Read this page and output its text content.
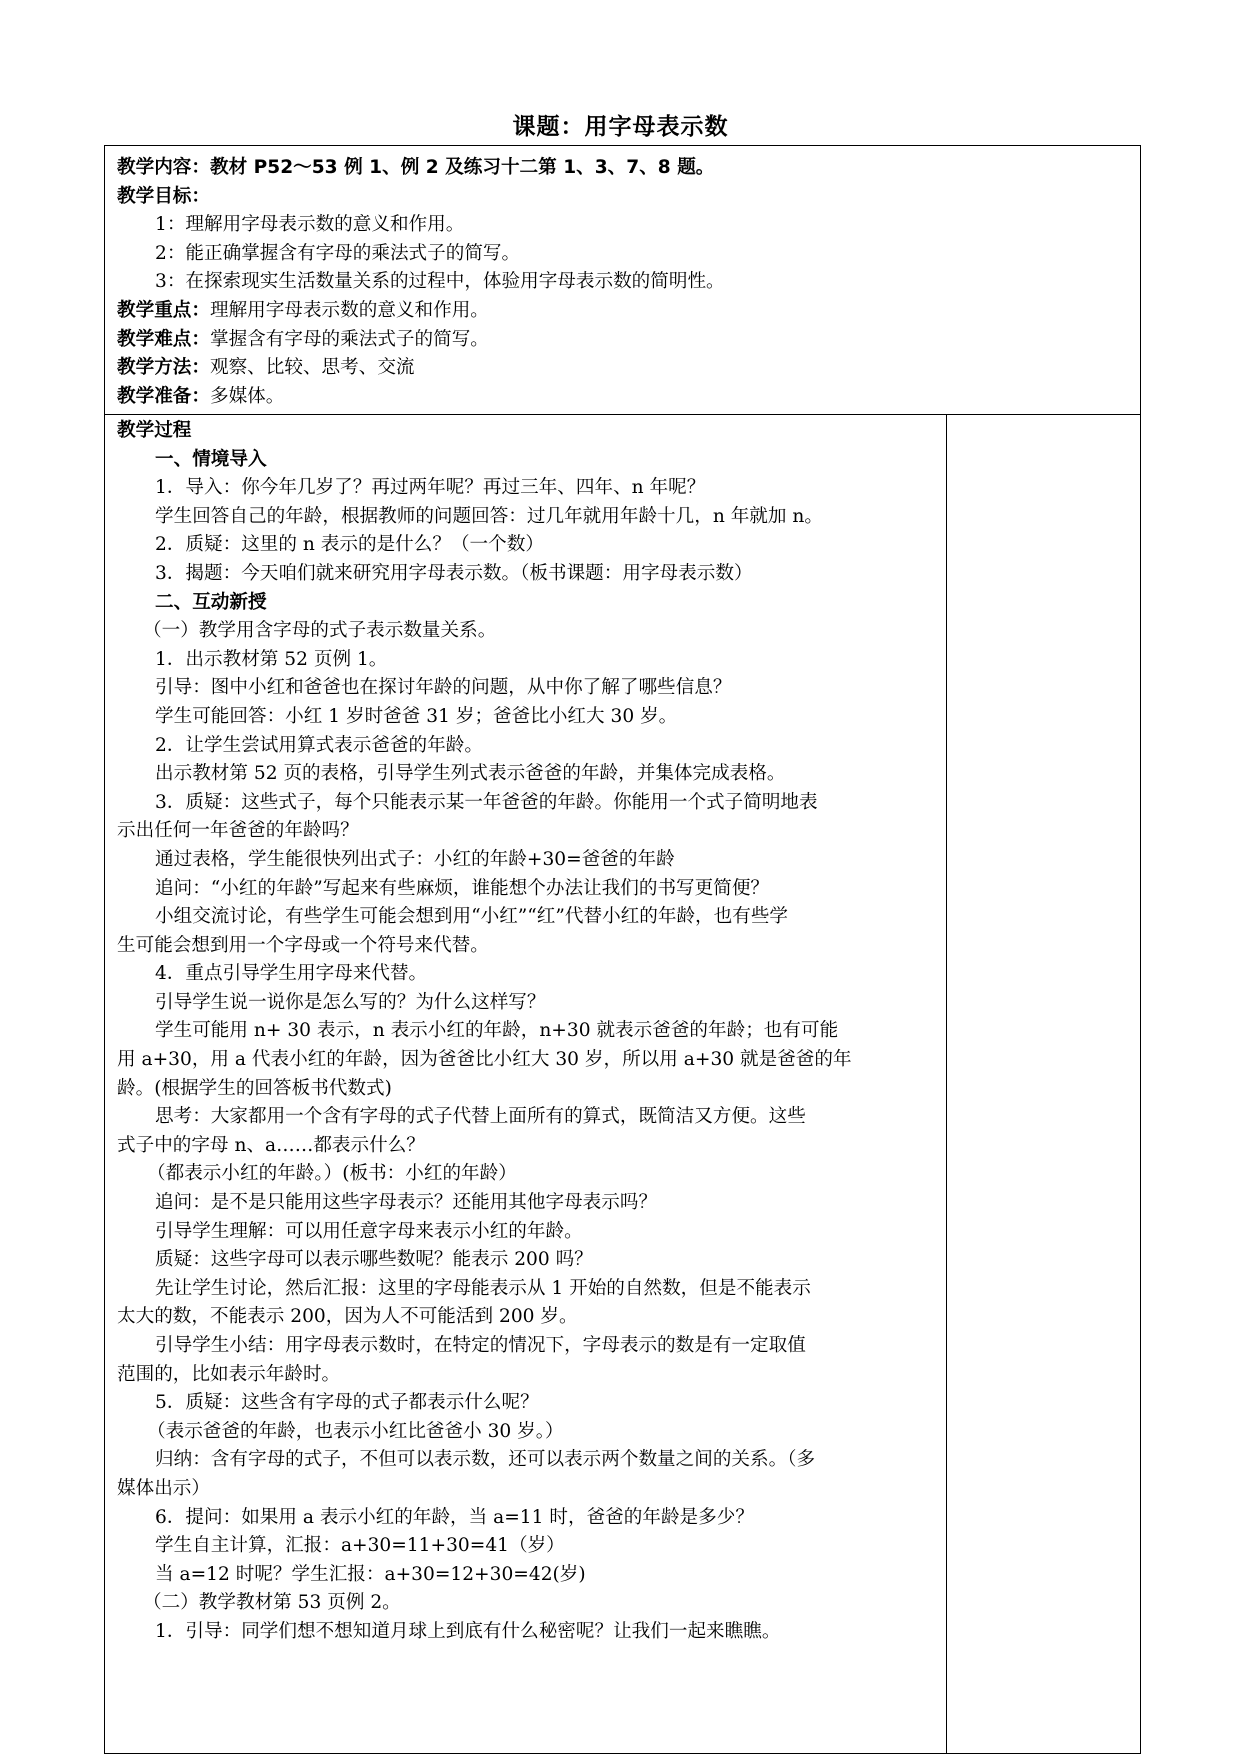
课题：用字母表示数
教学内容：教材 P52～53 例 1、例 2 及练习十二第 1、3、7、8 题。
教学目标：
1：理解用字母表示数的意义和作用。
2：能正确掌握含有字母的乘法式子的简写。
3：在探索现实生活数量关系的过程中，体验用字母表示数的简明性。
教学重点：理解用字母表示数的意义和作用。
教学难点：掌握含有字母的乘法式子的简写。
教学方法：观察、比较、思考、交流
教学准备：多媒体。
教学过程
一、情境导入
1．导入：你今年几岁了？再过两年呢？再过三年、四年、n 年呢？
学生回答自己的年龄，根据教师的问题回答：过几年就用年龄十几，n 年就加 n。
2．质疑：这里的 n 表示的是什么？（一个数）
3．揭题：今天咱们就来研究用字母表示数。（板书课题：用字母表示数）
二、互动新授
（一）教学用含字母的式子表示数量关系。
1．出示教材第 52 页例 1。
引导：图中小红和爸爸也在探讨年龄的问题，从中你了解了哪些信息？
学生可能回答：小红 1 岁时爸爸 31 岁；爸爸比小红大 30 岁。
2．让学生尝试用算式表示爸爸的年龄。
出示教材第 52 页的表格，引导学生列式表示爸爸的年龄，并集体完成表格。
3．质疑：这些式子，每个只能表示某一年爸爸的年龄。你能用一个式子简明地表
示出任何一年爸爸的年龄吗？
通过表格，学生能很快列出式子：小红的年龄+30=爸爸的年龄
追问：“小红的年龄”写起来有些麻烦，谁能想个办法让我们的书写更简便？
小组交流讨论，有些学生可能会想到用“小红”“红”代替小红的年龄，也有些学
生可能会想到用一个字母或一个符号来代替。
4．重点引导学生用字母来代替。
引导学生说一说你是怎么写的？为什么这样写？
学生可能用 n+ 30 表示，n 表示小红的年龄，n+30 就表示爸爸的年龄；也有可能
用 a+30，用 a 代表小红的年龄，因为爸爸比小红大 30 岁，所以用 a+30 就是爸爸的年
龄。(根据学生的回答板书代数式)
思考：大家都用一个含有字母的式子代替上面所有的算式，既简洁又方便。这些
式子中的字母 n、a……都表示什么？
（都表示小红的年龄。）(板书：小红的年龄）
追问：是不是只能用这些字母表示？还能用其他字母表示吗？
引导学生理解：可以用任意字母来表示小红的年龄。
质疑：这些字母可以表示哪些数呢？能表示 200 吗？
先让学生讨论，然后汇报：这里的字母能表示从 1 开始的自然数，但是不能表示
太大的数，不能表示 200，因为人不可能活到 200 岁。
引导学生小结：用字母表示数时，在特定的情况下，字母表示的数是有一定取值
范围的，比如表示年龄时。
5．质疑：这些含有字母的式子都表示什么呢？
（表示爸爸的年龄，也表示小红比爸爸小 30 岁。）
归纳：含有字母的式子，不但可以表示数，还可以表示两个数量之间的关系。（多
媒体出示）
6．提问：如果用 a 表示小红的年龄，当 a=11 时，爸爸的年龄是多少？
学生自主计算，汇报：a+30=11+30=41（岁）
当 a=12 时呢？学生汇报：a+30=12+30=42(岁)
（二）教学教材第 53 页例 2。
1．引导：同学们想不想知道月球上到底有什么秘密呢？让我们一起来瞧瞧。
